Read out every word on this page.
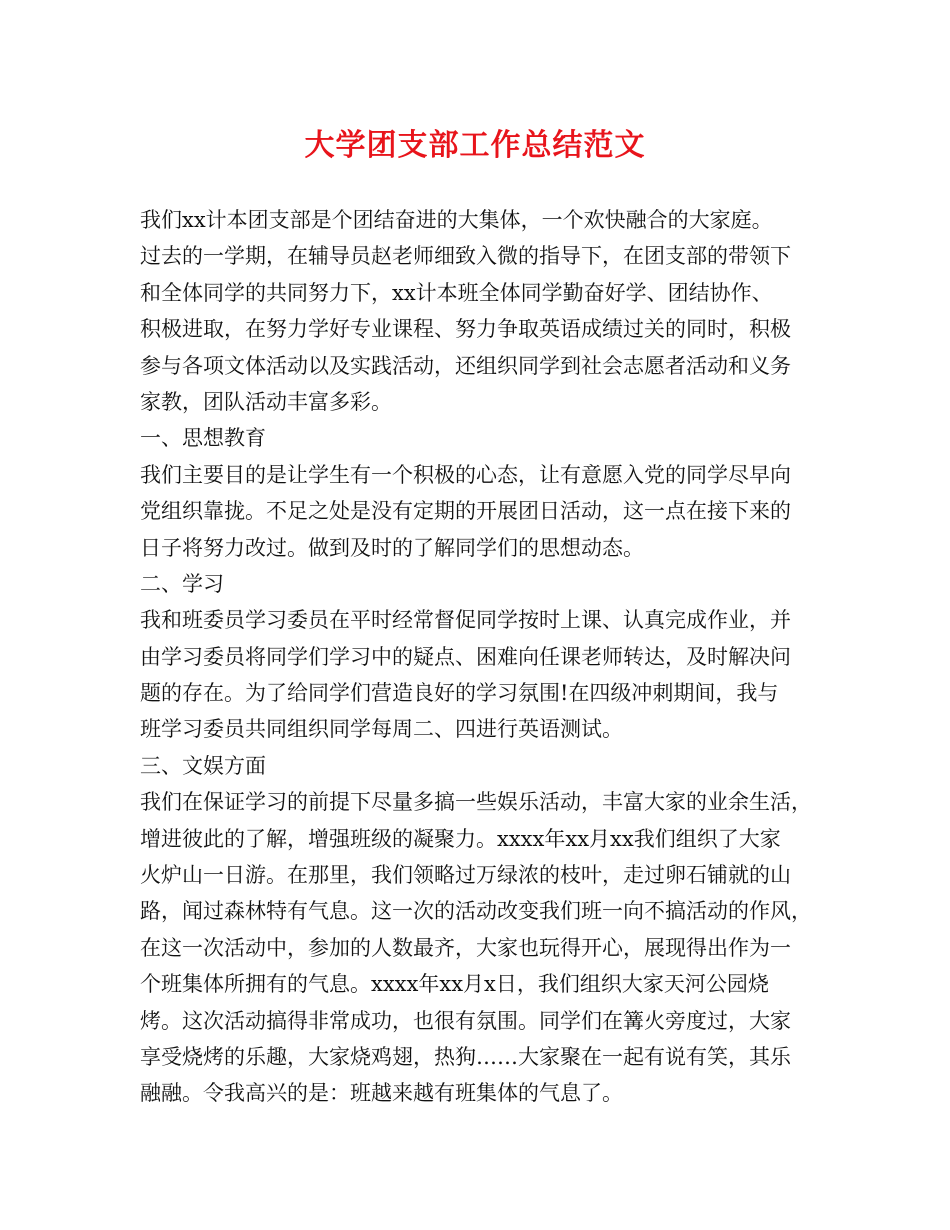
大学团支部工作总结范文
我们xx计本团支部是个团结奋进的大集体，一个欢快融合的大家庭。
过去的一学期，在辅导员赵老师细致入微的指导下，在团支部的带领下
和全体同学的共同努力下，xx计本班全体同学勤奋好学、团结协作、
积极进取，在努力学好专业课程、努力争取英语成绩过关的同时，积极
参与各项文体活动以及实践活动，还组织同学到社会志愿者活动和义务
家教，团队活动丰富多彩。
一、思想教育
我们主要目的是让学生有一个积极的心态，让有意愿入党的同学尽早向
党组织靠拢。不足之处是没有定期的开展团日活动，这一点在接下来的
日子将努力改过。做到及时的了解同学们的思想动态。
二、学习
我和班委员学习委员在平时经常督促同学按时上课、认真完成作业，并
由学习委员将同学们学习中的疑点、困难向任课老师转达，及时解决问
题的存在。为了给同学们营造良好的学习氛围!在四级冲刺期间，我与
班学习委员共同组织同学每周二、四进行英语测试。
三、文娱方面
我们在保证学习的前提下尽量多搞一些娱乐活动，丰富大家的业余生活，
增进彼此的了解，增强班级的凝聚力。xxxx年xx月xx我们组织了大家
火炉山一日游。在那里，我们领略过万绿浓的枝叶，走过卵石铺就的山
路，闻过森林特有气息。这一次的活动改变我们班一向不搞活动的作风，
在这一次活动中，参加的人数最齐，大家也玩得开心，展现得出作为一
个班集体所拥有的气息。xxxx年xx月x日，我们组织大家天河公园烧
烤。这次活动搞得非常成功，也很有氛围。同学们在篝火旁度过，大家
享受烧烤的乐趣，大家烧鸡翅，热狗……大家聚在一起有说有笑，其乐
融融。令我高兴的是：班越来越有班集体的气息了。
